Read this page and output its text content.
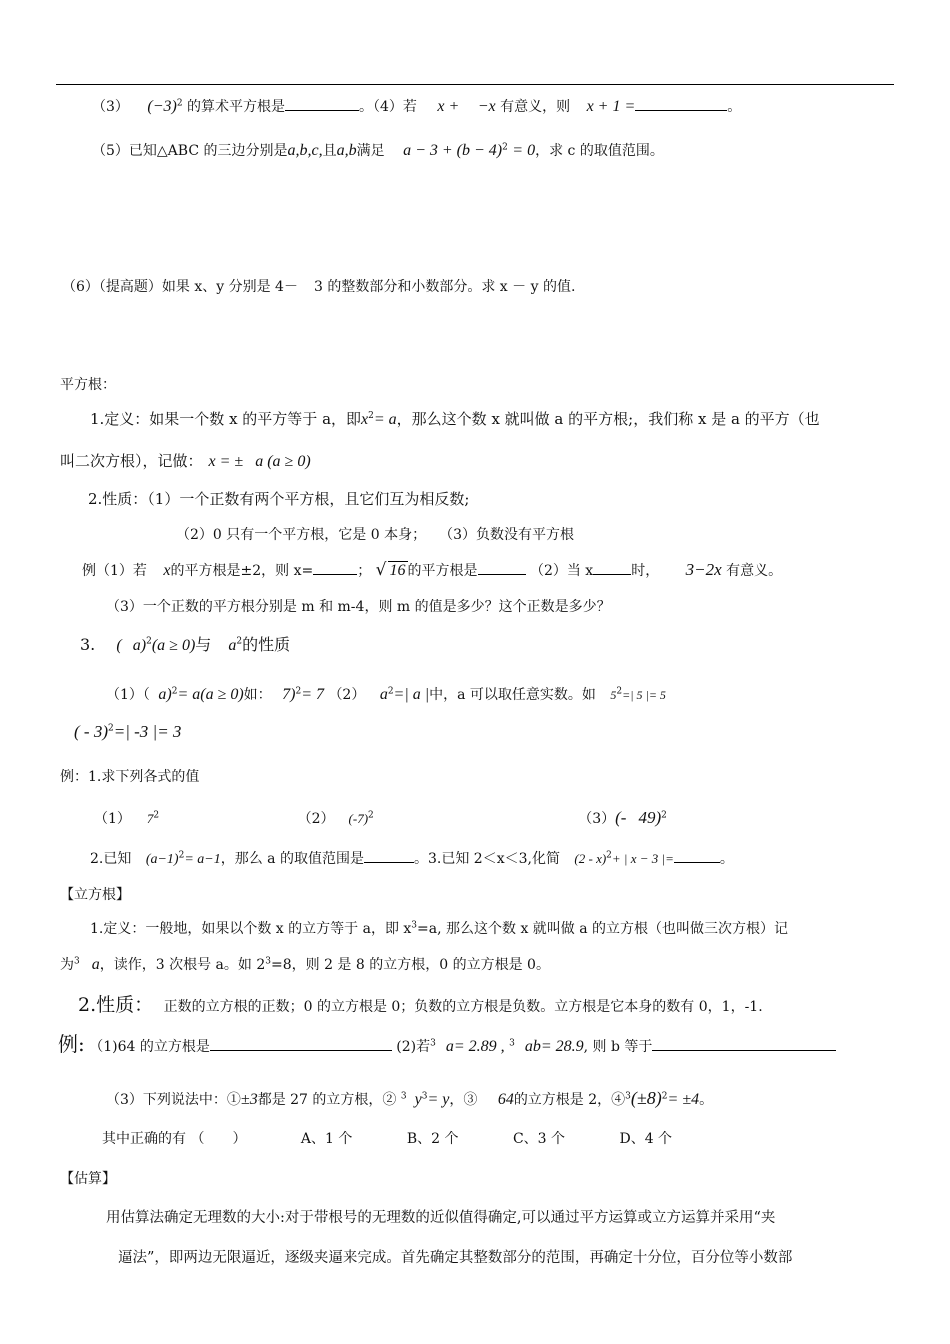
（3） $(-3)^2$ 的算术平方根是	。（4）若 x + −x 有意义，则 x + 1 =	。
（5）已知△ABC 的三边分别是a,b,c,且a,b满足 $a - 3 + (b - 4)^2 = 0$，求 c 的取值范围。
（6）（提高题）如果 x、y 分别是 4－ 3 的整数部分和小数部分。求 x － y 的值.
平方根：
1.定义：如果一个数 x 的平方等于 a，即$x^2= a$，那么这个数 x 就叫做 a 的平方根;，我们称 x 是 a 的平方（也
叫二次方根），记做： x = ± a (a ≥ 0)
2.性质：（1）一个正数有两个平方根，且它们互为相反数;
（2）0 只有一个平方根，它是 0 本身； （3）负数没有平方根
例（1）若 x的平方根是±2，则 x=	； √ 16 的平方根是	（2）当 x	时， 3−2x 有意义。
（3）一个正数的平方根分别是 m 和 m-4，则 m 的值是多少？这个正数是多少？
3. ( a)$^2$(a ≥ 0)与 $a^2$的性质
（1）（ a)$^2$= a(a ≥ 0)如： 7)$^2$= 7 （2） $a^2=|$ a |中，a 可以取任意实数。如 $5^2=|$ 5 |= 5
( - 3)$^2$=| -3 |= 3
例：1.求下列各式的值
（1） $7^2$	（2） $(-7)^2$	（3）(- 49)$^2$
2.已知 $(a-1)^2= a-1$，那么 a 的取值范围是	。3.已知 2＜x＜3,化简 (2 - x)$^2$+ | x − 3 |=	。
【立方根】
1.定义：一般地，如果以个数 x 的立方等于 a，即 $x^3=a$, 那么这个数 x 就叫做 a 的立方根（也叫做三次方根）记
为$^3$ a，读作，3 次根号 a。如 $2^3=8$，则 2 是 8 的立方根，0 的立方根是 0。
2.性质： 正数的立方根的正数；0 的立方根是 0；负数的立方根是负数。立方根是它本身的数有 0，1，-1.
例: （1)64 的立方根是	(2)若$^3$ a= 2.89 , $^3$ ab= 28.9, 则 b 等于
（3）下列说法中：①±3都是 27 的立方根，② $^3$ $y^3= y$，③ 64的立方根是 2，$④^3(\pm 8)^2= \pm 4$。
其中正确的有 （　　）	A、1 个	B、2 个	C、3 个	D、4 个
【估算】
用估算法确定无理数的大小:对于带根号的无理数的近似值得确定,可以通过平方运算或立方运算并采用“夹
逼法”，即两边无限逼近，逐级夹逼来完成。首先确定其整数部分的范围，再确定十分位，百分位等小数部
